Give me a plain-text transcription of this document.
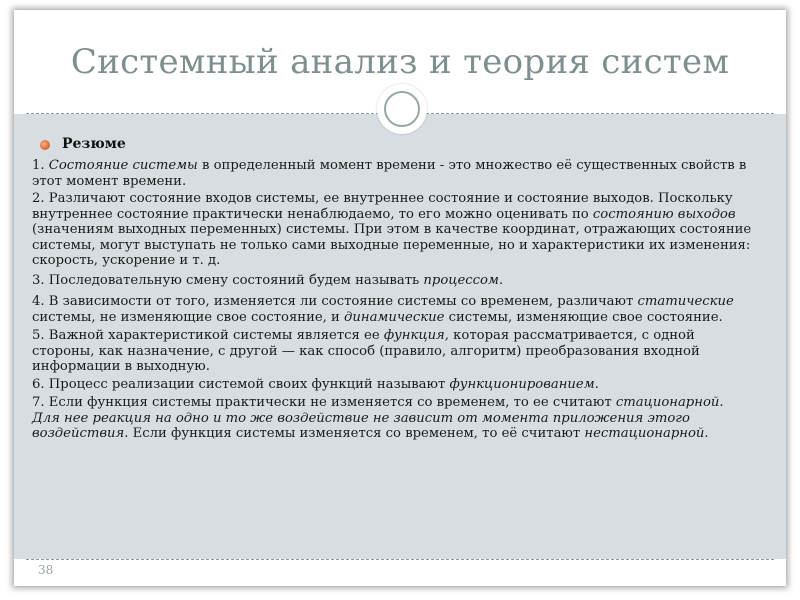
Системный анализ и теория систем
Резюме

1. Состояние системы в определенный момент времени - это множество её существенных свойств в этот момент времени.

2. Различают состояние входов системы, ее внутреннее состояние и состояние выходов. Поскольку внутреннее состояние практически ненаблюдаемо, то его можно оценивать по состоянию выходов (значениям выходных переменных) системы. При этом в качестве координат, отражающих состояние системы, могут выступать не только сами выходные переменные, но и характеристики их изменения: скорость, ускорение и т. д.

3. Последовательную смену состояний будем называть процессом.

4. В зависимости от того, изменяется ли состояние системы со временем, различают статические системы, не изменяющие свое состояние, и динамические системы, изменяющие свое состояние.

5. Важной характеристикой системы является ее функция, которая рассматривается, с одной стороны, как назначение, с другой — как способ (правило, алгоритм) преобразования входной информации в выходную.

6. Процесс реализации системой своих функций называют функционированием.

7. Если функция системы практически не изменяется со временем, то ее считают стационарной. Для нее реакция на одно и то же воздействие не зависит от момента приложения этого воздействия. Если функция системы изменяется со временем, то её считают нестационарной.

38
